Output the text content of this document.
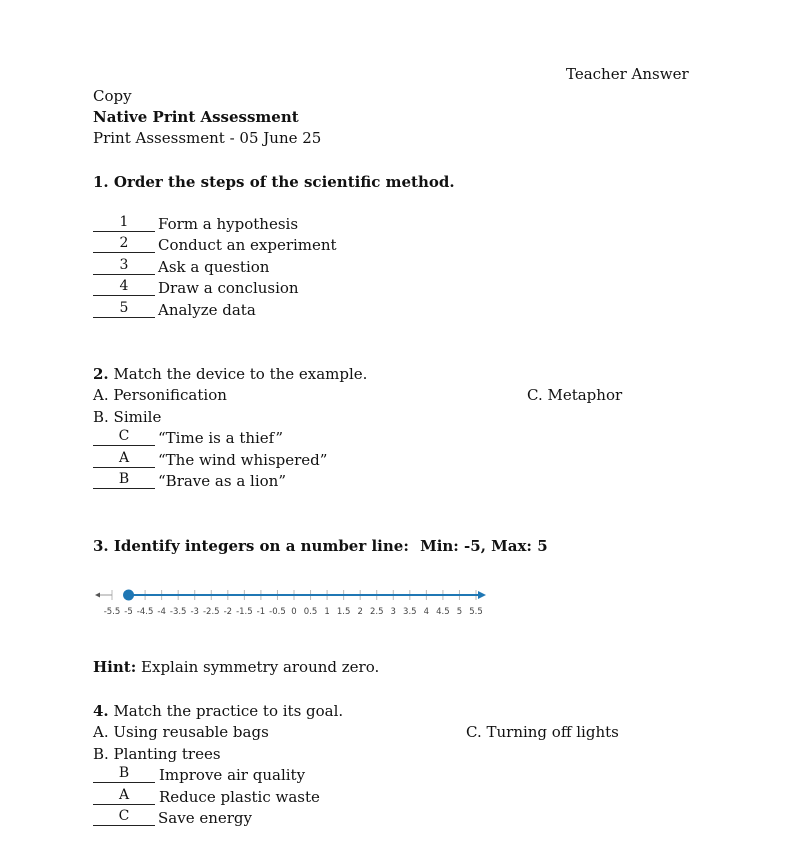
Teacher Answer
Copy
Native Print Assessment
Print Assessment - 05 June 25
1. Order the steps of the scientific method.
1	Form a hypothesis
2	Conduct an experiment
3	Ask a question
4	Draw a conclusion
5	Analyze data
2. Match the device to the example.
A. Personification	C. Metaphor
B. Simile
C	“Time is a thief”
A	“The wind whispered”
B	“Brave as a lion”
3. Identify integers on a number line: Min: -5, Max: 5
-5.5 -5 -4.5 -4 -3.5 -3 -2.5 -2 -1.5 -1 -0.5 0 0.5 1 1.5 2 2.5 3 3.5 4 4.5 5 5.5
Hint: Explain symmetry around zero.
4. Match the practice to its goal.
A. Using reusable bags	C. Turning off lights
B. Planting trees
B	Improve air quality
A	Reduce plastic waste
C	Save energy
